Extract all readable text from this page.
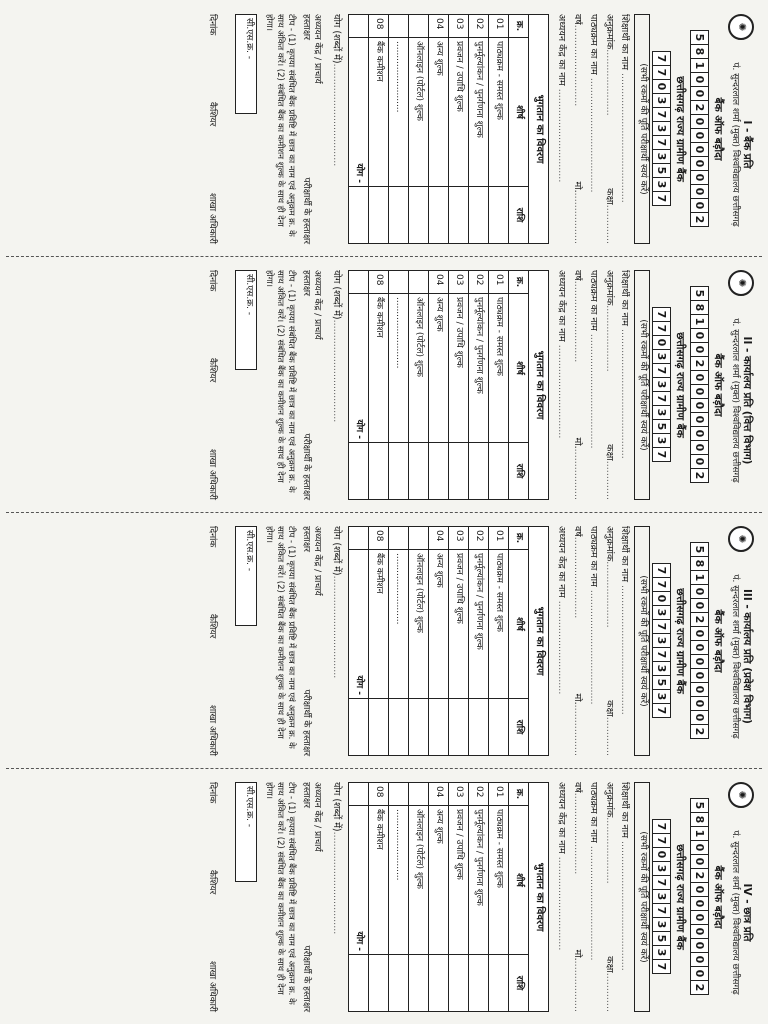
✺
I - बैंक प्रति
पं. सुन्दरलाल शर्मा (मुक्त) विश्वविद्यालय छत्तीसगढ़
बैंक ऑफ बड़ौदा
5
8
1
0
0
2
0
0
0
0
0
0
0
2
छत्तीसगढ़ राज्य ग्रामीण बैंक
7
7
0
3
7
3
7
3
5
3
7
(सभी रकमों की पूर्ति परीक्षार्थी स्वयं करें)
शिक्षार्थी का नाम ...........................................
अनुक्रमांक......................
कक्षा.............
पाठ्यक्रम का नाम ......................................
वर्ष...........................
मो..................
अध्ययन केंद्र का नाम ...............................
भुगतान का विवरण		
क्र.	शीर्ष	राशि
01	पाठ्यक्रम - समस्त शुल्क	
02	पुनर्मूल्यांकन / पुनर्गणना शुल्क	
03	प्रवजन / उपाधि शुल्क	
04	अन्य शुल्क	
	ऑनलाइन (पोर्टल) शुल्क	
	.........................	
08	बैंक कमीशन	
	योग -	
योग (शब्दों में)..................................
अध्ययन केंद्र / प्राचार्य
हस्ताक्षर
परीक्षार्थी के हस्ताक्षर
टीप - (1) कृपया संबंधित बैंक प्रविष्टि में छात्र का नाम एवं अनुक्रम क्र. के साथ अंकित करें। (2) संबंधित बैंक का कमीशन शुल्क के साथ ही देना होगा।
सी.एस.क्र. -
दिनांक
कैशियर
शाखा अधिकारी
✺
II - कार्यालय प्रति (वित्त विभाग)
पं. सुन्दरलाल शर्मा (मुक्त) विश्वविद्यालय छत्तीसगढ़
बैंक ऑफ बड़ौदा
5
8
1
0
0
2
0
0
0
0
0
0
0
2
छत्तीसगढ़ राज्य ग्रामीण बैंक
7
7
0
3
7
3
7
3
5
3
7
(सभी रकमों की पूर्ति परीक्षार्थी स्वयं करें)
शिक्षार्थी का नाम ...........................................
अनुक्रमांक......................
कक्षा.............
पाठ्यक्रम का नाम ......................................
वर्ष...........................
मो..................
अध्ययन केंद्र का नाम ...............................
भुगतान का विवरण		
क्र.	शीर्ष	राशि
01	पाठ्यक्रम - समस्त शुल्क	
02	पुनर्मूल्यांकन / पुनर्गणना शुल्क	
03	प्रवजन / उपाधि शुल्क	
04	अन्य शुल्क	
	ऑनलाइन (पोर्टल) शुल्क	
	.........................	
08	बैंक कमीशन	
	योग -	
योग (शब्दों में)..................................
अध्ययन केंद्र / प्राचार्य
हस्ताक्षर
परीक्षार्थी के हस्ताक्षर
टीप - (1) कृपया संबंधित बैंक प्रविष्टि में छात्र का नाम एवं अनुक्रम क्र. के साथ अंकित करें। (2) संबंधित बैंक का कमीशन शुल्क के साथ ही देना होगा।
सी.एस.क्र. -
दिनांक
कैशियर
शाखा अधिकारी
✺
III - कार्यालय प्रति (प्रवेश विभाग)
पं. सुन्दरलाल शर्मा (मुक्त) विश्वविद्यालय छत्तीसगढ़
बैंक ऑफ बड़ौदा
5
8
1
0
0
2
0
0
0
0
0
0
0
2
छत्तीसगढ़ राज्य ग्रामीण बैंक
7
7
0
3
7
3
7
3
5
3
7
(सभी रकमों की पूर्ति परीक्षार्थी स्वयं करें)
शिक्षार्थी का नाम ...........................................
अनुक्रमांक......................
कक्षा.............
पाठ्यक्रम का नाम ......................................
वर्ष...........................
मो..................
अध्ययन केंद्र का नाम ...............................
भुगतान का विवरण		
क्र.	शीर्ष	राशि
01	पाठ्यक्रम - समस्त शुल्क	
02	पुनर्मूल्यांकन / पुनर्गणना शुल्क	
03	प्रवजन / उपाधि शुल्क	
04	अन्य शुल्क	
	ऑनलाइन (पोर्टल) शुल्क	
	.........................	
08	बैंक कमीशन	
	योग -	
योग (शब्दों में)..................................
अध्ययन केंद्र / प्राचार्य
हस्ताक्षर
परीक्षार्थी के हस्ताक्षर
टीप - (1) कृपया संबंधित बैंक प्रविष्टि में छात्र का नाम एवं अनुक्रम क्र. के साथ अंकित करें। (2) संबंधित बैंक का कमीशन शुल्क के साथ ही देना होगा।
सी.एस.क्र. -
दिनांक
कैशियर
शाखा अधिकारी
✺
IV - छात्र प्रति
पं. सुन्दरलाल शर्मा (मुक्त) विश्वविद्यालय छत्तीसगढ़
बैंक ऑफ बड़ौदा
5
8
1
0
0
2
0
0
0
0
0
0
0
2
छत्तीसगढ़ राज्य ग्रामीण बैंक
7
7
0
3
7
3
7
3
5
3
7
(सभी रकमों की पूर्ति परीक्षार्थी स्वयं करें)
शिक्षार्थी का नाम ...........................................
अनुक्रमांक......................
कक्षा.............
पाठ्यक्रम का नाम ......................................
वर्ष...........................
मो..................
अध्ययन केंद्र का नाम ...............................
भुगतान का विवरण		
क्र.	शीर्ष	राशि
01	पाठ्यक्रम - समस्त शुल्क	
02	पुनर्मूल्यांकन / पुनर्गणना शुल्क	
03	प्रवजन / उपाधि शुल्क	
04	अन्य शुल्क	
	ऑनलाइन (पोर्टल) शुल्क	
	.........................	
08	बैंक कमीशन	
	योग -	
योग (शब्दों में)..................................
अध्ययन केंद्र / प्राचार्य
हस्ताक्षर
परीक्षार्थी के हस्ताक्षर
टीप - (1) कृपया संबंधित बैंक प्रविष्टि में छात्र का नाम एवं अनुक्रम क्र. के साथ अंकित करें। (2) संबंधित बैंक का कमीशन शुल्क के साथ ही देना होगा।
सी.एस.क्र. -
दिनांक
कैशियर
शाखा अधिकारी
